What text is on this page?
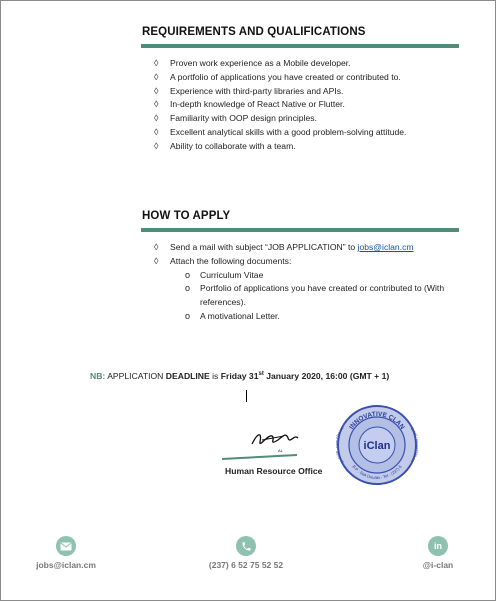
REQUIREMENTS AND QUALIFICATIONS
◊ Proven work experience as a Mobile developer.
◊ A portfolio of applications you have created or contributed to.
◊ Experience with third-party libraries and APIs.
◊ In-depth knowledge of React Native or Flutter.
◊ Familiarity with OOP design principles.
◊ Excellent analytical skills with a good problem-solving attitude.
◊ Ability to collaborate with a team.
HOW TO APPLY
◊ Send a mail with subject “JOB APPLICATION” to jobs@iclan.cm
◊ Attach the following documents:
o Curriculum Vitae
o Portfolio of applications you have created or contributed to (With references).
o A motivational Letter.
NB: APPLICATION DEADLINE is Friday 31st January 2020, 16:00 (GMT + 1)
AL
Human Resource Office
INNOVATIVE CLAN
B.P : 564 Douala - Tel : (237) 6
Websi lan.cm	Email n.cm
iClan
jobs@iclan.cm	(237) 6 52 75 52 52
in
@i-clan
